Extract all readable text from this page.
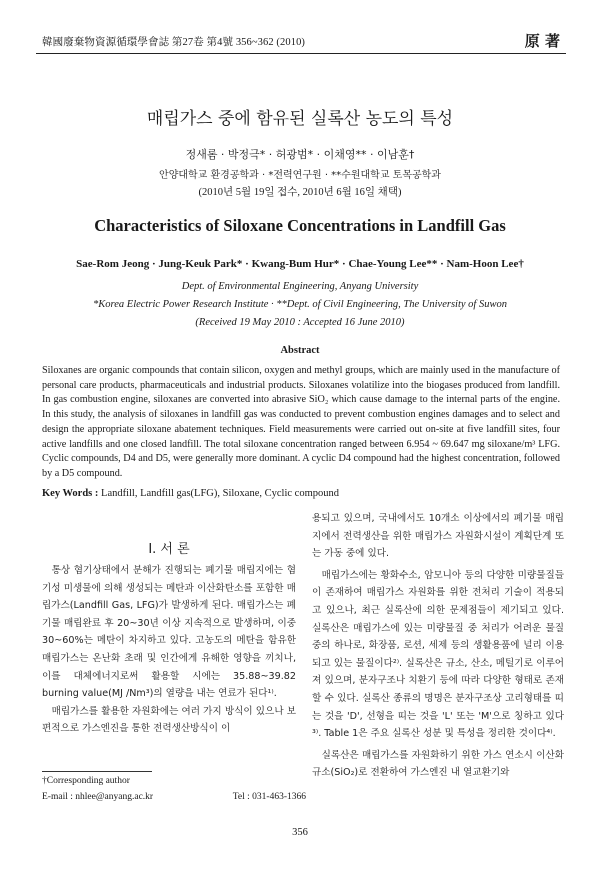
韓國廢棄物資源循環學會誌 第27卷 第4號 356~362 (2010)	原 著
매립가스 중에 함유된 실록산 농도의 특성
정새롬 · 박정극* · 허광범* · 이채영** · 이남훈†
안양대학교 환경공학과 · *전력연구원 · **수원대학교 토목공학과
(2010년 5월 19일 접수, 2010년 6월 16일 채택)
Characteristics of Siloxane Concentrations in Landfill Gas
Sae-Rom Jeong · Jung-Keuk Park* · Kwang-Bum Hur* · Chae-Young Lee** · Nam-Hoon Lee†
Dept. of Environmental Engineering, Anyang University
*Korea Electric Power Research Institute · **Dept. of Civil Engineering, The University of Suwon
(Received 19 May 2010 : Accepted 16 June 2010)
Abstract
Siloxanes are organic compounds that contain silicon, oxygen and methyl groups, which are mainly used in the manufacture of personal care products, pharmaceuticals and industrial products. Siloxanes volatilize into the biogases produced from landfill. In gas combustion engine, siloxanes are converted into abrasive SiO₂ which cause damage to the internal parts of the engine. In this study, the analysis of siloxanes in landfill gas was conducted to prevent combustion engines damages and to select and design the appropriate siloxane abatement techniques. Field measurements were carried out on-site at five landfill sites, four active landfills and one closed landfill. The total siloxane concentration ranged between 6.954 ~ 69.647 mg siloxane/m³ LFG. Cyclic compounds, D4 and D5, were generally more dominant. A cyclic D4 compound had the highest concentration, followed by a D5 compound.
Key Words : Landfill, Landfill gas(LFG), Siloxane, Cyclic compound
I. 서 론

통상 혐기상태에서 분해가 진행되는 폐기물 매립지에는 혐기성 미생물에 의해 생성되는 메탄과 이산화탄소를 포함한 매립가스(Landfill Gas, LFG)가 발생하게 된다. 매립가스는 폐기물 매립완료 후 20~30년 이상 지속적으로 발생하며, 이중 30~60%는 메탄이 차지하고 있다. 고농도의 메탄을 함유한 매립가스는 온난화 초래 및 인간에게 유해한 영향을 끼치나, 이를 대체에너지로써 활용할 시에는 35.88~39.82 burning value(MJ /Nm³)의 열량을 내는 연료가 된다¹⁾.

매립가스를 활용한 자원화에는 여러 가지 방식이 있으나 보편적으로 가스엔진을 통한 전력생산방식이 이

용되고 있으며, 국내에서도 10개소 이상에서의 폐기물 매립지에서 전력생산을 위한 매립가스 자원화시설이 계획단계 또는 가동 중에 있다.

매립가스에는 황화수소, 암모니아 등의 다양한 미량물질들이 존재하여 매립가스 자원화를 위한 전처리 기술이 적용되고 있으나, 최근 실록산에 의한 문제점들이 제기되고 있다. 실록산은 매립가스에 있는 미량물질 중 처리가 어려운 물질 중의 하나로, 화장품, 로션, 세제 등의 생활용품에 널리 이용되고 있는 물질이다²⁾. 실록산은 규소, 산소, 메틸기로 이루어져 있으며, 분자구조나 치환기 등에 따라 다양한 형태로 존재할 수 있다. 실록산 종류의 명명은 분자구조상 고리형태를 띠는 것을 'D', 선형을 띠는 것을 'L' 또는 'M'으로 칭하고 있다³⁾. Table 1은 주요 실록산 성분 및 특성을 정리한 것이다⁴⁾.

실록산은 매립가스를 자원화하기 위한 가스 연소시 이산화규소(SiO₂)로 전환하여 가스엔진 내 열교환기와

†Corresponding author
E-mail : nhlee@anyang.ac.kr	Tel : 031-463-1366
356
